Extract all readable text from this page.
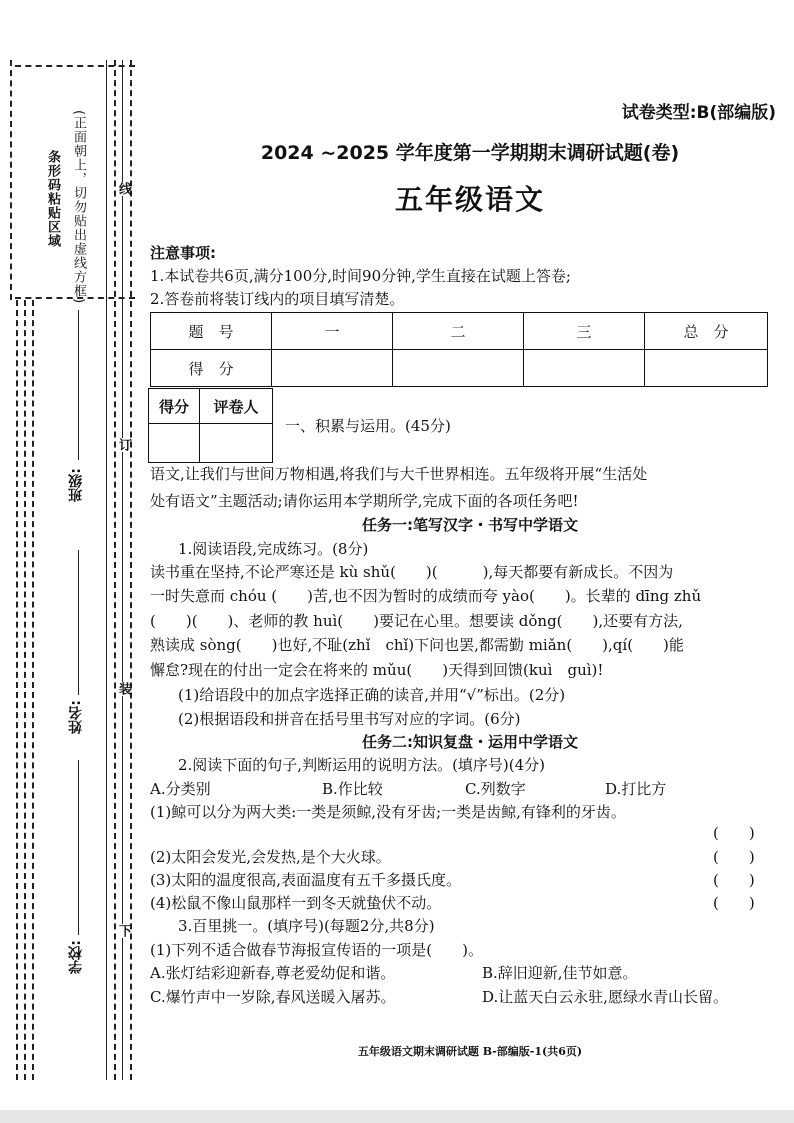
条形码粘贴区域 (正面朝上，切勿贴出虚线方框) 线
订
装
下
班级:
姓名:
学校:
试卷类型:B(部编版)
2024 ~2025 学年度第一学期期末调研试题(卷)
五年级语文
注意事项:
1.本试卷共6页,满分100分,时间90分钟,学生直接在试题上答卷;
2.答卷前将装订线内的项目填写清楚。
题　号	一	二	三	总　分
得　分				
得分	评卷人

一、积累与运用。(45分)
语文,让我们与世间万物相遇,将我们与大千世界相连。五年级将开展“生活处
处有语文”主题活动;请你运用本学期所学,完成下面的各项任务吧!
任务一:笔写汉字・书写中学语文
1.阅读语段,完成练习。(8分)
读书重在坚持,不论严寒还是 kù shǔ(　　)(　　　),每天都要有新成长。不因为
一时失意而 chóu (　　)苦,也不因为暂时的成绩而夸 yào(　　)。长辈的 dīng zhǔ
(　　)(　　)、老师的教 huì(　　)要记在心里。想要读 dǒng(　　),还要有方法,
熟读成 sòng(　　)也好,不耻(zhǐ　chǐ)下问也罢,都需勤 miǎn(　　),qí(　　)能
懈怠?现在的付出一定会在将来的 mǔu(　　)天得到回馈(kuì　guì)!
(1)给语段中的加点字选择正确的读音,并用“√”标出。(2分)
(2)根据语段和拼音在括号里书写对应的字词。(6分)
任务二:知识复盘・运用中学语文
2.阅读下面的句子,判断运用的说明方法。(填序号)(4分)
A.分类别	B.作比较	C.列数字	D.打比方
(1)鲸可以分为两大类:一类是须鲸,没有牙齿;一类是齿鲸,有锋利的牙齿。
(　　)
(2)太阳会发光,会发热,是个大火球。	(　　)
(3)太阳的温度很高,表面温度有五千多摄氏度。	(　　)
(4)松鼠不像山鼠那样一到冬天就蛰伏不动。	(　　)
3.百里挑一。(填序号)(每题2分,共8分)
(1)下列不适合做春节海报宣传语的一项是(　　)。
A.张灯结彩迎新春,尊老爱幼促和谐。	B.辞旧迎新,佳节如意。
C.爆竹声中一岁除,春风送暖入屠苏。	D.让蓝天白云永驻,愿绿水青山长留。
五年级语文期末调研试题 B-部编版-1(共6页)
